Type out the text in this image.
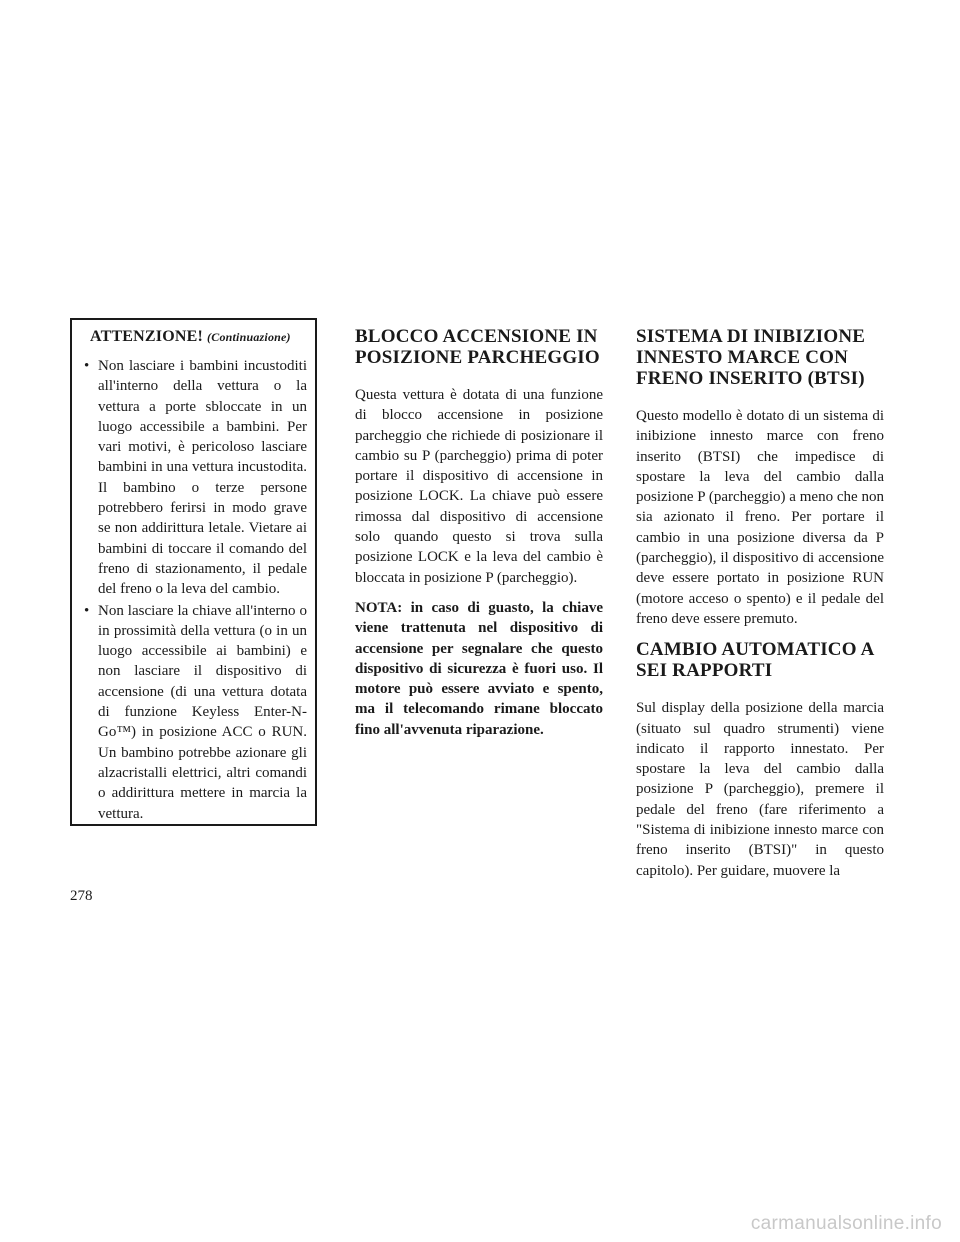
ATTENZIONE! (Continuazione)
• Non lasciare i bambini incustoditi all'interno della vettura o la vettura a porte sbloccate in un luogo accessibile a bambini. Per vari motivi, è pericoloso lasciare bambini in una vettura incustodita. Il bambino o terze persone potrebbero ferirsi in modo grave se non addirittura letale. Vietare ai bambini di toccare il comando del freno di stazionamento, il pedale del freno o la leva del cambio.
• Non lasciare la chiave all'interno o in prossimità della vettura (o in un luogo accessibile ai bambini) e non lasciare il dispositivo di accensione (di una vettura dotata di funzione Keyless Enter-N-Go™) in posizione ACC o RUN. Un bambino potrebbe azionare gli alzacristalli elettrici, altri comandi o addirittura mettere in marcia la vettura.
BLOCCO ACCENSIONE IN POSIZIONE PARCHEGGIO

Questa vettura è dotata di una funzione di blocco accensione in posizione parcheggio che richiede di posizionare il cambio su P (parcheggio) prima di poter portare il dispositivo di accensione in posizione LOCK. La chiave può essere rimossa dal dispositivo di accensione solo quando questo si trova sulla posizione LOCK e la leva del cambio è bloccata in posizione P (parcheggio).

NOTA: in caso di guasto, la chiave viene trattenuta nel dispositivo di accensione per segnalare che questo dispositivo di sicurezza è fuori uso. Il motore può essere avviato e spento, ma il telecomando rimane bloccato fino all'avvenuta riparazione.

SISTEMA DI INIBIZIONE INNESTO MARCE CON FRENO INSERITO (BTSI)

Questo modello è dotato di un sistema di inibizione innesto marce con freno inserito (BTSI) che impedisce di spostare la leva del cambio dalla posizione P (parcheggio) a meno che non sia azionato il freno. Per portare il cambio in una posizione diversa da P (parcheggio), il dispositivo di accensione deve essere portato in posizione RUN (motore acceso o spento) e il pedale del freno deve essere premuto.

CAMBIO AUTOMATICO A SEI RAPPORTI

Sul display della posizione della marcia (situato sul quadro strumenti) viene indicato il rapporto innestato. Per spostare la leva del cambio dalla posizione P (parcheggio), premere il pedale del freno (fare riferimento a "Sistema di inibizione innesto marce con freno inserito (BTSI)" in questo capitolo). Per guidare, muovere la

278
carmanualsonline.info
